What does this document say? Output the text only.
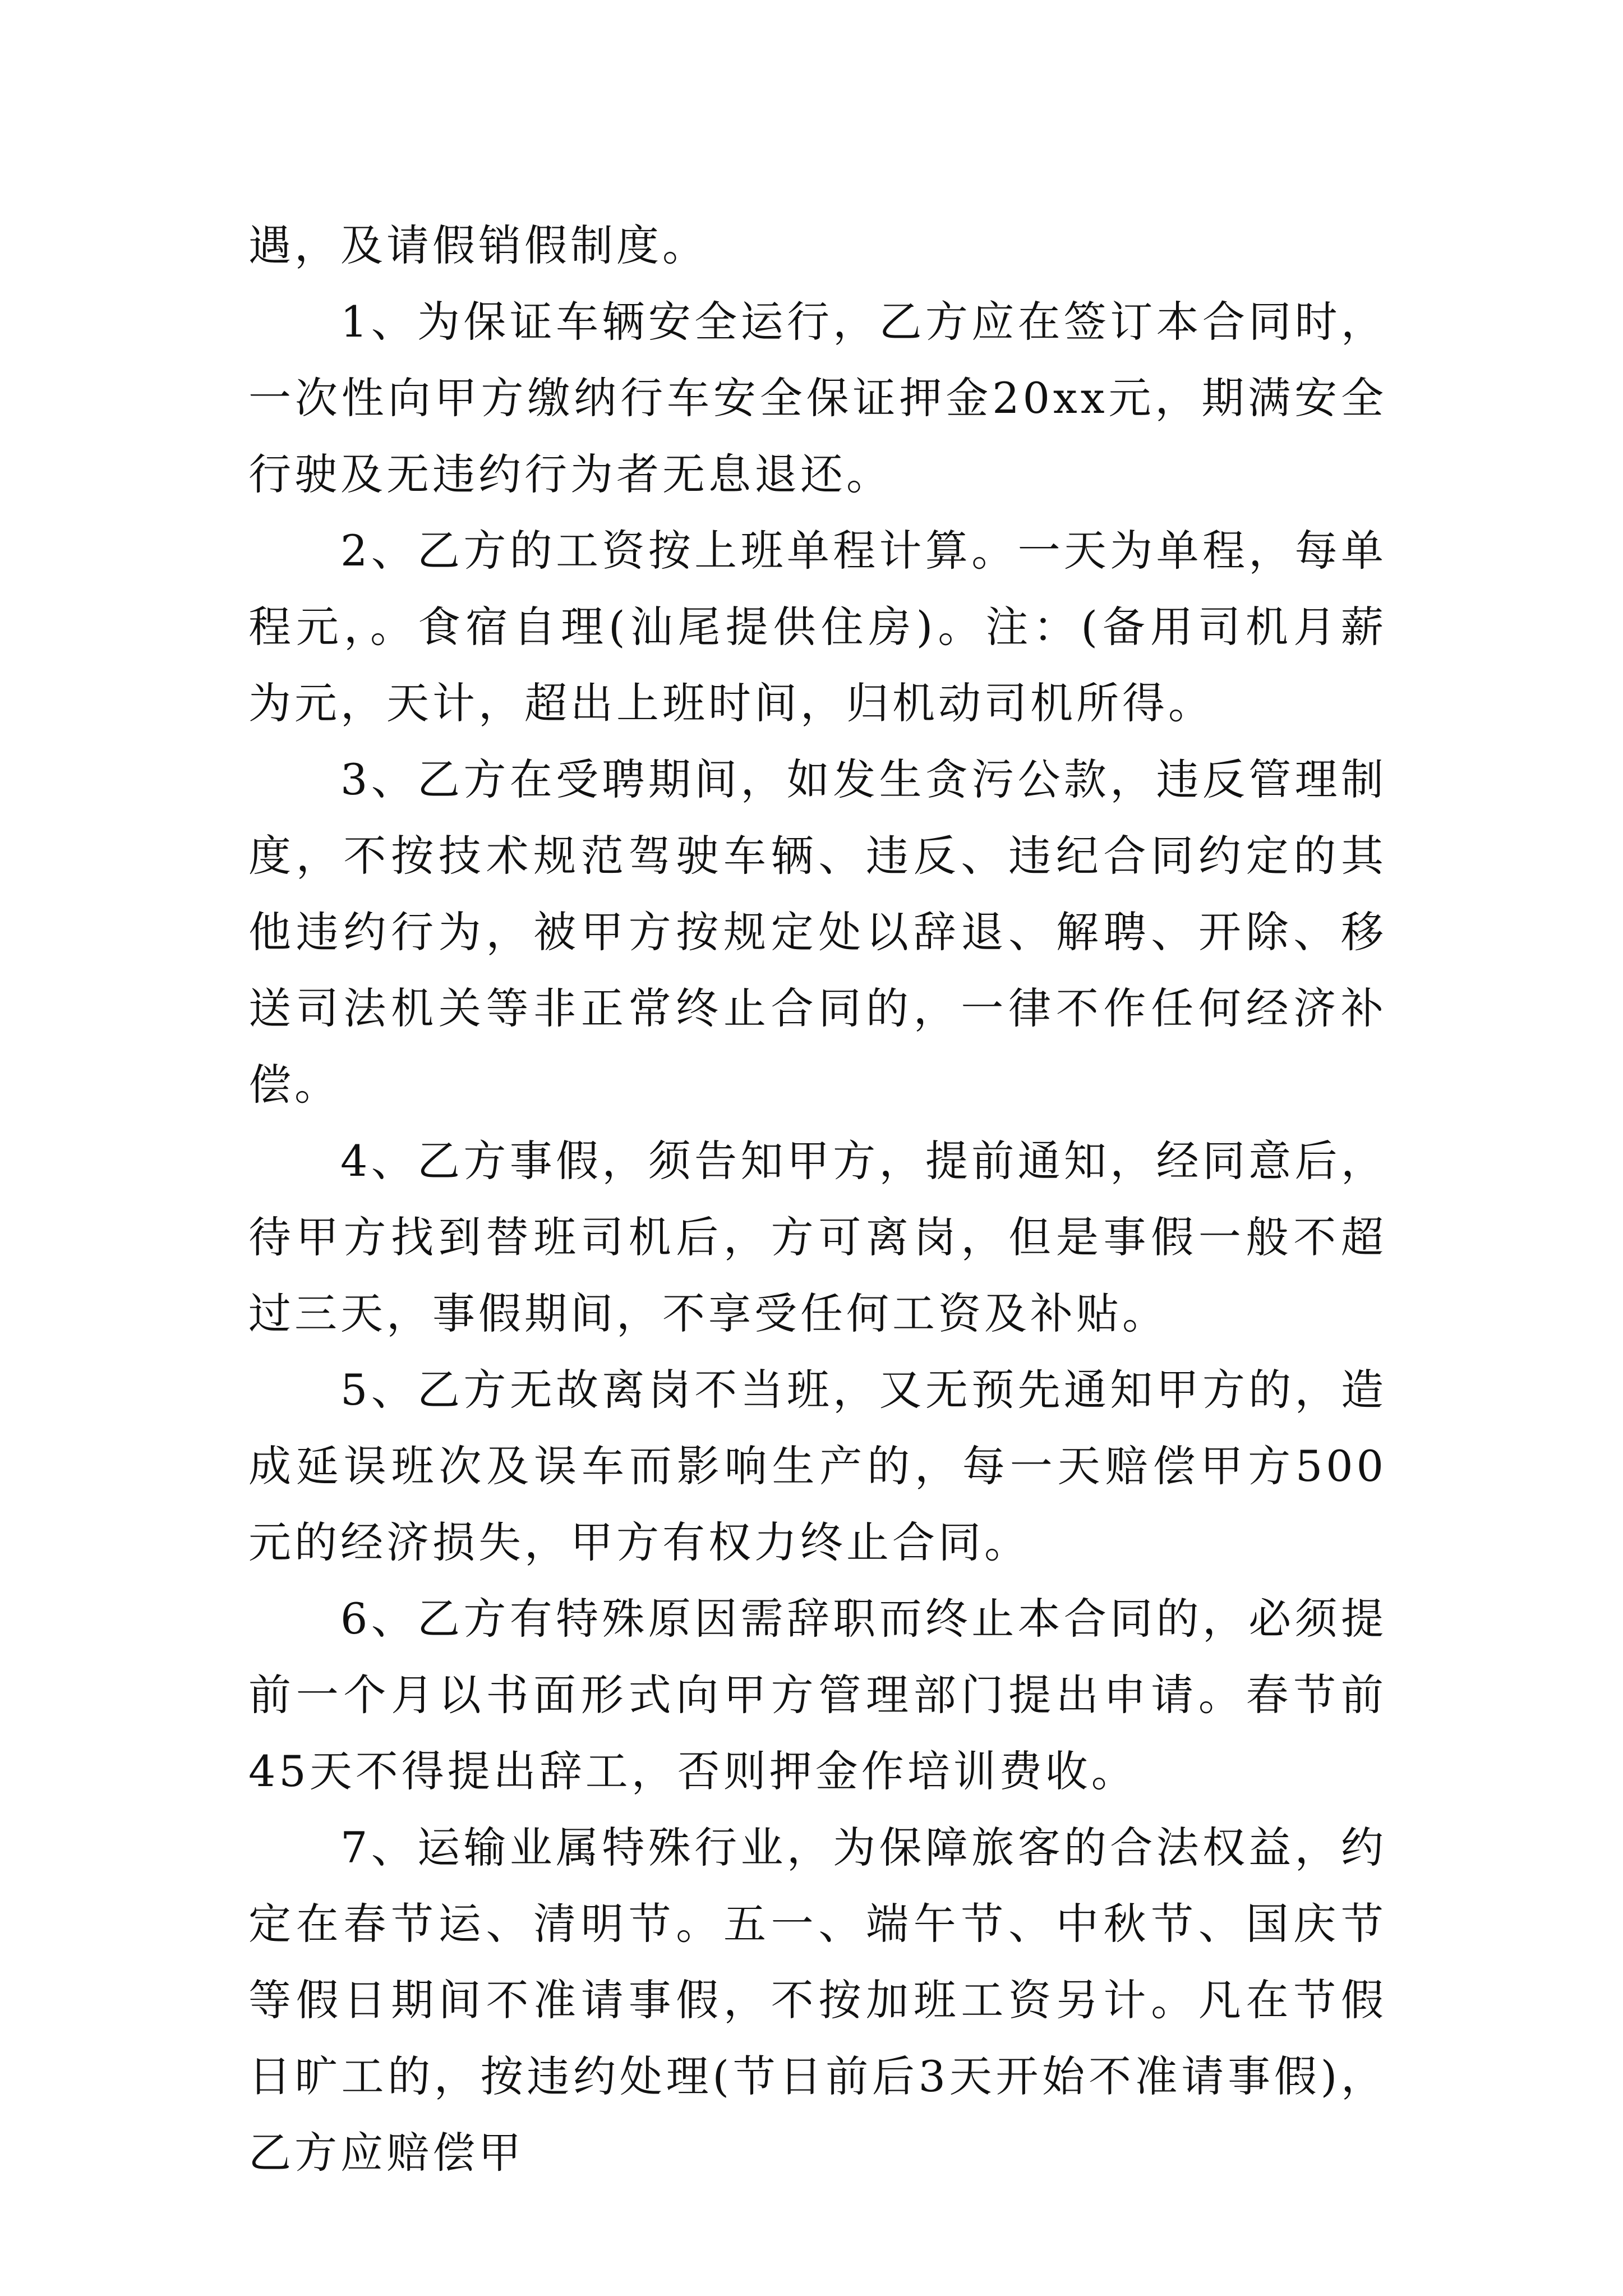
遇，及请假销假制度。

1、为保证车辆安全运行，乙方应在签订本合同时，一次性向甲方缴纳行车安全保证押金20xx元，期满安全行驶及无违约行为者无息退还。

2、乙方的工资按上班单程计算。一天为单程，每单程元，。食宿自理(汕尾提供住房)。注：(备用司机月薪为元，天计，超出上班时间，归机动司机所得。

3、乙方在受聘期间，如发生贪污公款，违反管理制度，不按技术规范驾驶车辆、违反、违纪合同约定的其他违约行为，被甲方按规定处以辞退、解聘、开除、移送司法机关等非正常终止合同的，一律不作任何经济补偿。

4、乙方事假，须告知甲方，提前通知，经同意后，待甲方找到替班司机后，方可离岗，但是事假一般不超过三天，事假期间，不享受任何工资及补贴。

5、乙方无故离岗不当班，又无预先通知甲方的，造成延误班次及误车而影响生产的，每一天赔偿甲方500元的经济损失，甲方有权力终止合同。

6、乙方有特殊原因需辞职而终止本合同的，必须提前一个月以书面形式向甲方管理部门提出申请。春节前45天不得提出辞工，否则押金作培训费收。

7、运输业属特殊行业，为保障旅客的合法权益，约定在春节运、清明节。五一、端午节、中秋节、国庆节等假日期间不准请事假，不按加班工资另计。凡在节假日旷工的，按违约处理(节日前后3天开始不准请事假)，乙方应赔偿甲
